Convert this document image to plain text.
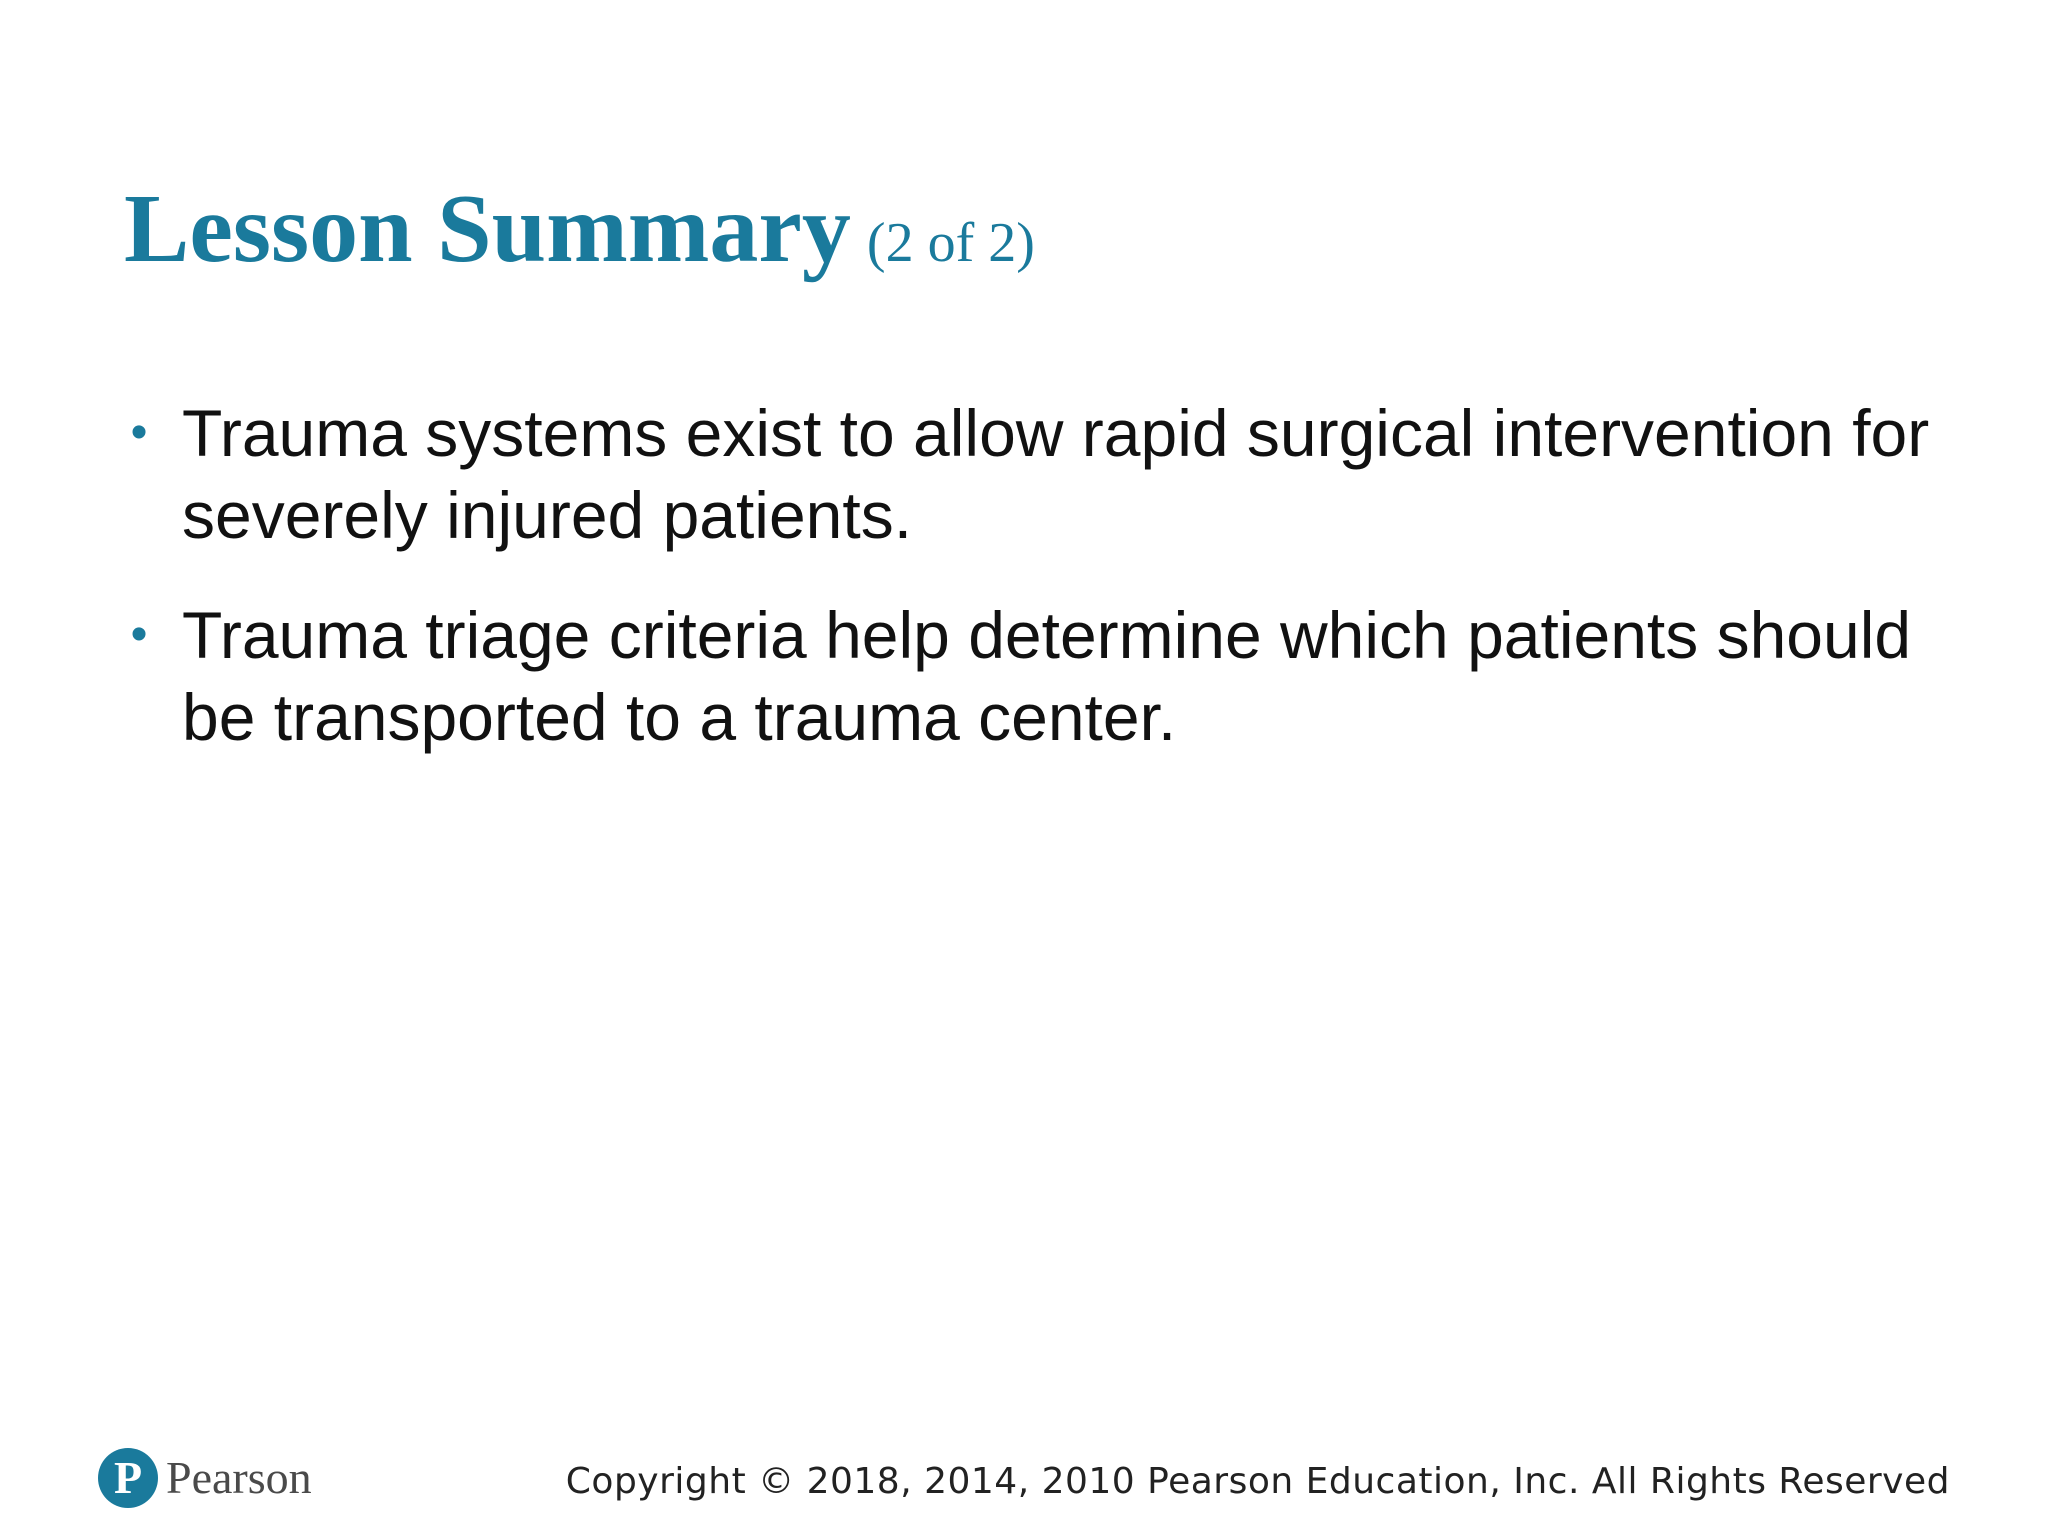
Lesson Summary (2 of 2)
• Trauma systems exist to allow rapid surgical intervention for severely injured patients.
• Trauma triage criteria help determine which patients should be transported to a trauma center.
P Pearson	Copyright © 2018, 2014, 2010 Pearson Education, Inc. All Rights Reserved
